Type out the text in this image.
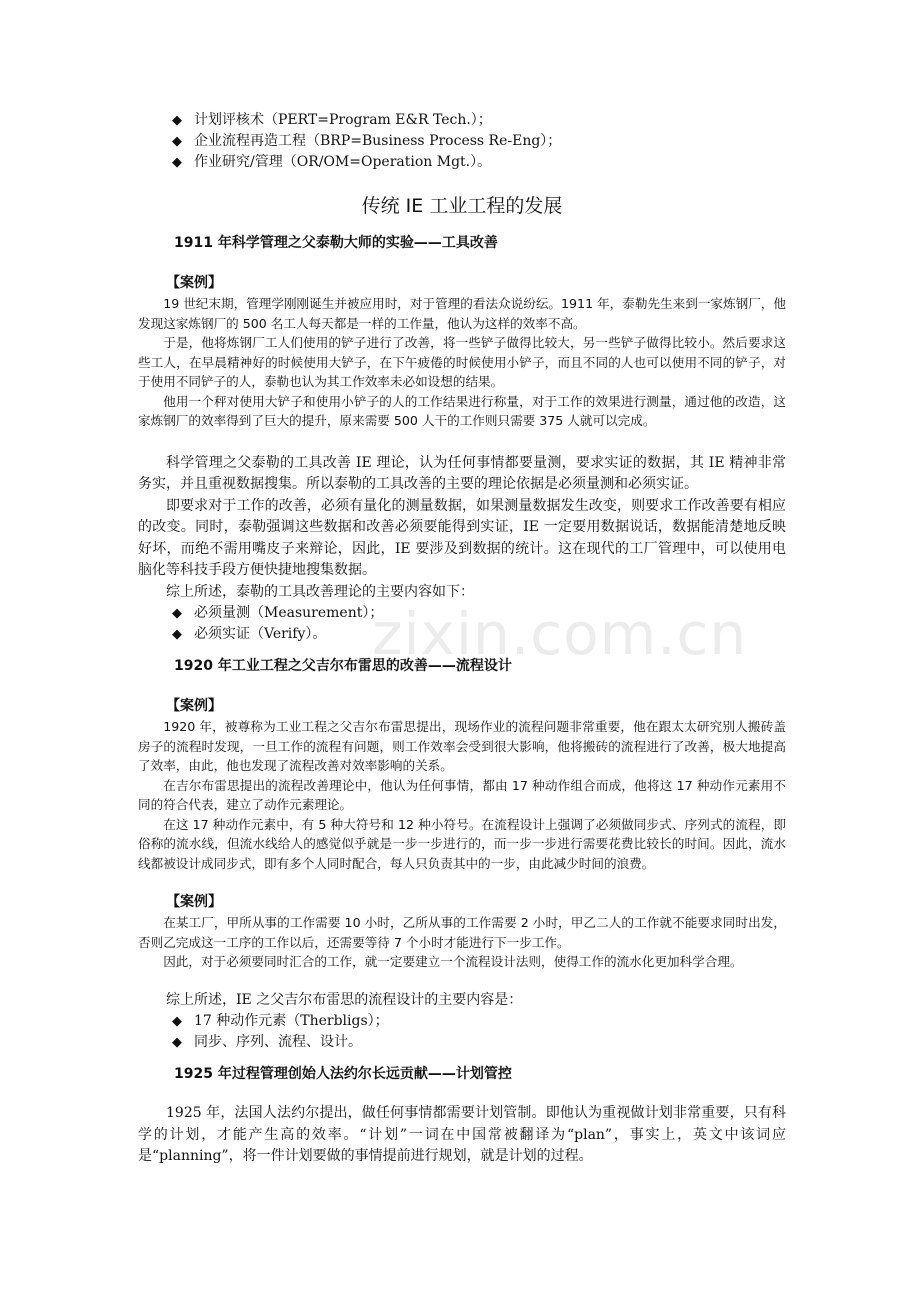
zixin.com.cn
◆ 计划评核术（PERT=Program E&R Tech.）；
◆ 企业流程再造工程（BRP=Business Process Re-Eng）；
◆ 作业研究/管理（OR/OM=Operation Mgt.）。
传统 IE 工业工程的发展
1911 年科学管理之父泰勒大师的实验——工具改善
【案例】

19 世纪末期，管理学刚刚诞生并被应用时，对于管理的看法众说纷纭。1911 年，泰勒先生来到一家炼钢厂，他发现这家炼钢厂的 500 名工人每天都是一样的工作量，他认为这样的效率不高。

于是，他将炼钢厂工人们使用的铲子进行了改善，将一些铲子做得比较大，另一些铲子做得比较小。然后要求这些工人，在早晨精神好的时候使用大铲子，在下午疲倦的时候使用小铲子，而且不同的人也可以使用不同的铲子，对于使用不同铲子的人，泰勒也认为其工作效率未必如设想的结果。

他用一个秤对使用大铲子和使用小铲子的人的工作结果进行称量，对于工作的效果进行测量，通过他的改造，这家炼钢厂的效率得到了巨大的提升，原来需要 500 人干的工作则只需要 375 人就可以完成。

科学管理之父泰勒的工具改善 IE 理论，认为任何事情都要量测，要求实证的数据，其 IE 精神非常务实，并且重视数据搜集。所以泰勒的工具改善的主要的理论依据是必须量测和必须实证。

即要求对于工作的改善，必须有量化的测量数据，如果测量数据发生改变，则要求工作改善要有相应的改变。同时，泰勒强调这些数据和改善必须要能得到实证，IE 一定要用数据说话，数据能清楚地反映好坏，而绝不需用嘴皮子来辩论，因此，IE 要涉及到数据的统计。这在现代的工厂管理中，可以使用电脑化等科技手段方便快捷地搜集数据。

综上所述，泰勒的工具改善理论的主要内容如下：

◆ 必须量测（Measurement）；
◆ 必须实证（Verify）。
1920 年工业工程之父吉尔布雷思的改善——流程设计
【案例】

1920 年，被尊称为工业工程之父吉尔布雷思提出，现场作业的流程问题非常重要，他在跟太太研究别人搬砖盖房子的流程时发现，一旦工作的流程有问题，则工作效率会受到很大影响，他将搬砖的流程进行了改善，极大地提高了效率，由此，他也发现了流程改善对效率影响的关系。

在吉尔布雷思提出的流程改善理论中，他认为任何事情，都由 17 种动作组合而成，他将这 17 种动作元素用不同的符合代表，建立了动作元素理论。

在这 17 种动作元素中，有 5 种大符号和 12 种小符号。在流程设计上强调了必须做同步式、序列式的流程，即俗称的流水线，但流水线给人的感觉似乎就是一步一步进行的，而一步一步进行需要花费比较长的时间。因此，流水线都被设计成同步式，即有多个人同时配合，每人只负责其中的一步，由此减少时间的浪费。

【案例】

在某工厂，甲所从事的工作需要 10 小时，乙所从事的工作需要 2 小时，甲乙二人的工作就不能要求同时出发，否则乙完成这一工序的工作以后，还需要等待 7 个小时才能进行下一步工作。

因此，对于必须要同时汇合的工作，就一定要建立一个流程设计法则，使得工作的流水化更加科学合理。

综上所述，IE 之父吉尔布雷思的流程设计的主要内容是：

◆ 17 种动作元素（Therbligs）；
◆ 同步、序列、流程、设计。
1925 年过程管理创始人法约尔长远贡献——计划管控

1925 年，法国人法约尔提出，做任何事情都需要计划管制。即他认为重视做计划非常重要，只有科学的计划，才能产生高的效率。“计划”一词在中国常被翻译为“plan”，事实上，英文中该词应是“planning”，将一件计划要做的事情提前进行规划，就是计划的过程。
